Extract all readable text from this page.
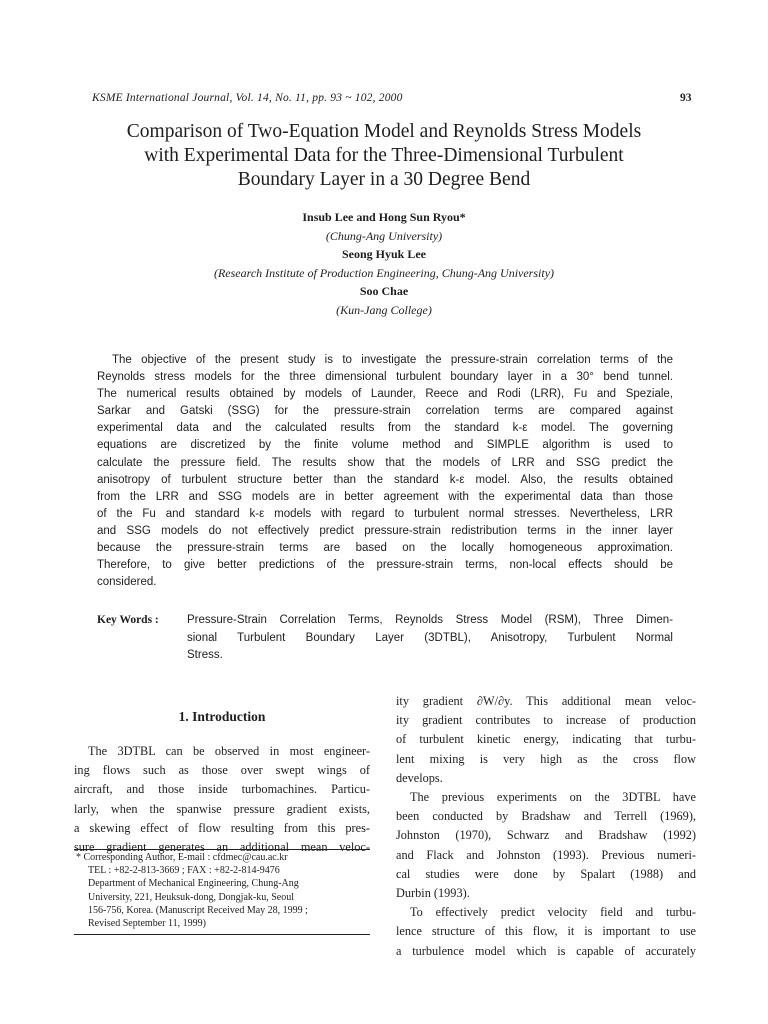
KSME International Journal, Vol. 14, No. 11, pp. 93 ~ 102, 2000	93
Comparison of Two-Equation Model and Reynolds Stress Models
with Experimental Data for the Three-Dimensional Turbulent
Boundary Layer in a 30 Degree Bend
Insub Lee and Hong Sun Ryou*
(Chung-Ang University)
Seong Hyuk Lee
(Research Institute of Production Engineering, Chung-Ang University)
Soo Chae
(Kun-Jang College)
The objective of the present study is to investigate the pressure-strain correlation terms of the
Reynolds stress models for the three dimensional turbulent boundary layer in a 30° bend tunnel.
The numerical results obtained by models of Launder, Reece and Rodi (LRR), Fu and Speziale,
Sarkar and Gatski (SSG) for the pressure-strain correlation terms are compared against
experimental data and the calculated results from the standard k-ε model. The governing
equations are discretized by the finite volume method and SIMPLE algorithm is used to
calculate the pressure field. The results show that the models of LRR and SSG predict the
anisotropy of turbulent structure better than the standard k-ε model. Also, the results obtained
from the LRR and SSG models are in better agreement with the experimental data than those
of the Fu and standard k-ε models with regard to turbulent normal stresses. Nevertheless, LRR
and SSG models do not effectively predict pressure-strain redistribution terms in the inner layer
because the pressure-strain terms are based on the locally homogeneous approximation.
Therefore, to give better predictions of the pressure-strain terms, non-local effects should be
considered.
Key Words : Pressure-Strain Correlation Terms, Reynolds Stress Model (RSM), Three Dimen-
sional Turbulent Boundary Layer (3DTBL), Anisotropy, Turbulent Normal
Stress.
1. Introduction
The 3DTBL can be observed in most engineer-
ing flows such as those over swept wings of
aircraft, and those inside turbomachines. Particu-
larly, when the spanwise pressure gradient exists,
a skewing effect of flow resulting from this pres-
sure gradient generates an additional mean veloc-
* Corresponding Author, E-mail : cfdmec@cau.ac.kr
TEL : +82-2-813-3669 ; FAX : +82-2-814-9476
Department of Mechanical Engineering, Chung-Ang
University, 221, Heuksuk-dong, Dongjak-ku, Seoul
156-756, Korea. (Manuscript Received May 28, 1999 ;
Revised September 11, 1999)
ity gradient ∂W/∂y. This additional mean veloc-
ity gradient contributes to increase of production
of turbulent kinetic energy, indicating that turbu-
lent mixing is very high as the cross flow
develops.
The previous experiments on the 3DTBL have
been conducted by Bradshaw and Terrell (1969),
Johnston (1970), Schwarz and Bradshaw (1992)
and Flack and Johnston (1993). Previous numeri-
cal studies were done by Spalart (1988) and
Durbin (1993).
To effectively predict velocity field and turbu-
lence structure of this flow, it is important to use
a turbulence model which is capable of accurately
